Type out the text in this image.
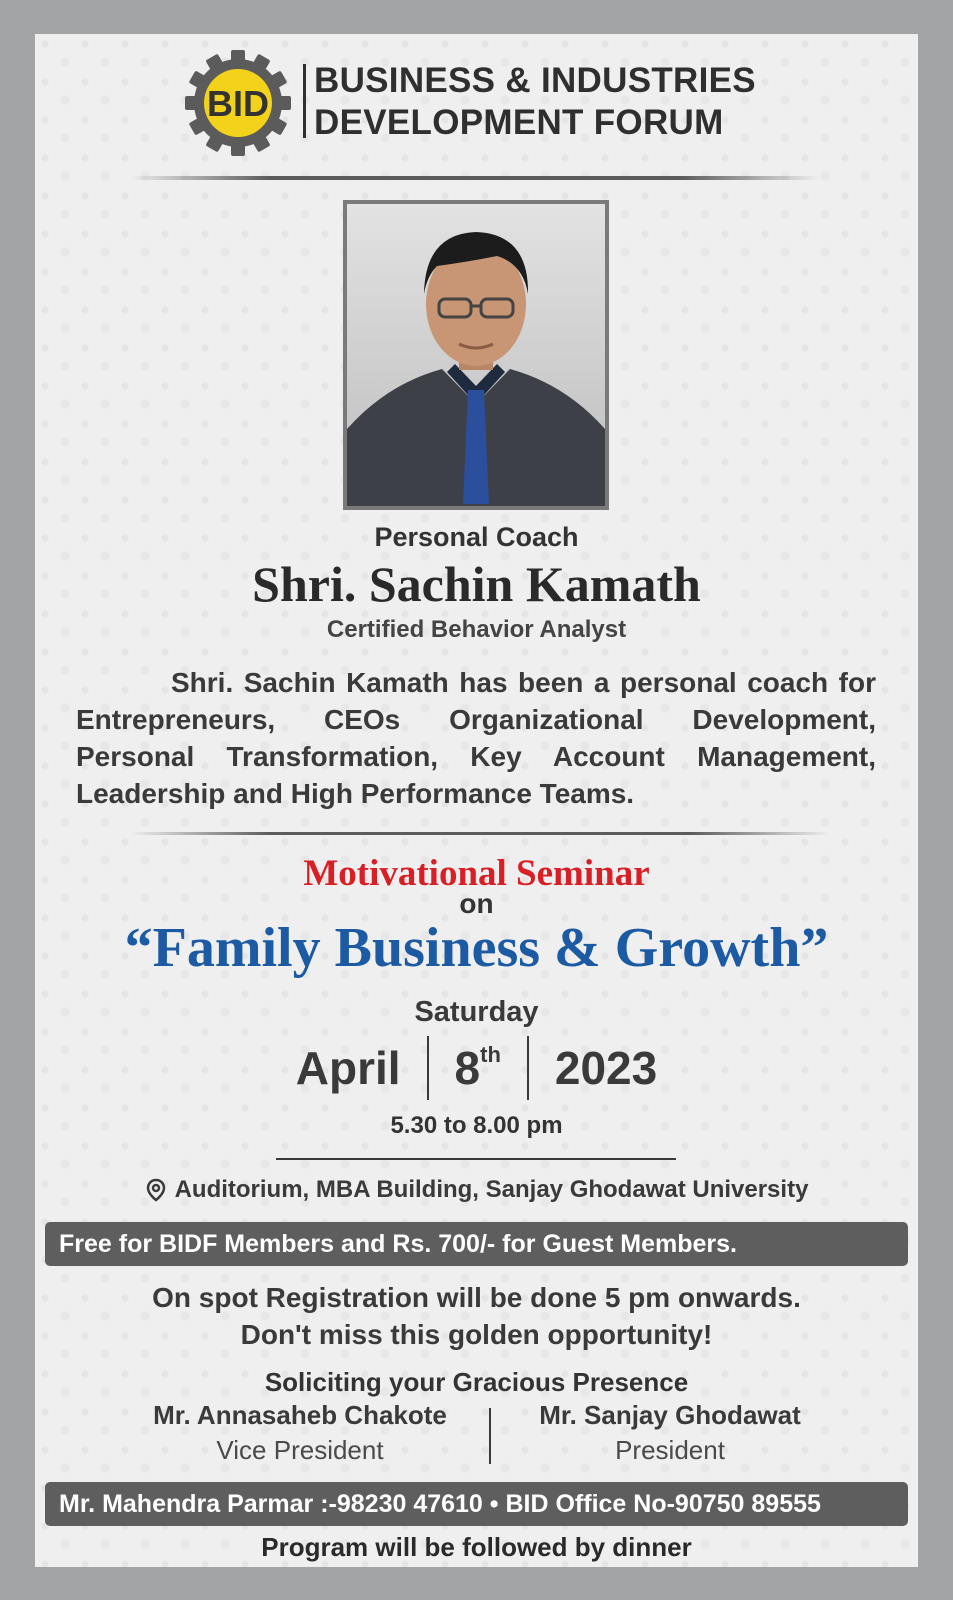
BID
BUSINESS & INDUSTRIES
DEVELOPMENT FORUM
Personal Coach
Shri. Sachin Kamath
Certified Behavior Analyst
Shri. Sachin Kamath has been a personal coach for Entrepreneurs, CEOs Organizational Development, Personal Transformation, Key Account Management, Leadership and High Performance Teams.
Motivational Seminar
on
“Family Business & Growth”
Saturday
April 8th 2023
5.30 to 8.00 pm
Auditorium, MBA Building, Sanjay Ghodawat University
Free for BIDF Members and Rs. 700/- for Guest Members.
On spot Registration will be done 5 pm onwards.
Don't miss this golden opportunity!
Soliciting your Gracious Presence
Mr. Annasaheb Chakote
Vice President
Mr. Sanjay Ghodawat
President
Mr. Mahendra Parmar :-98230 47610 • BID Office No-90750 89555
Program will be followed by dinner
